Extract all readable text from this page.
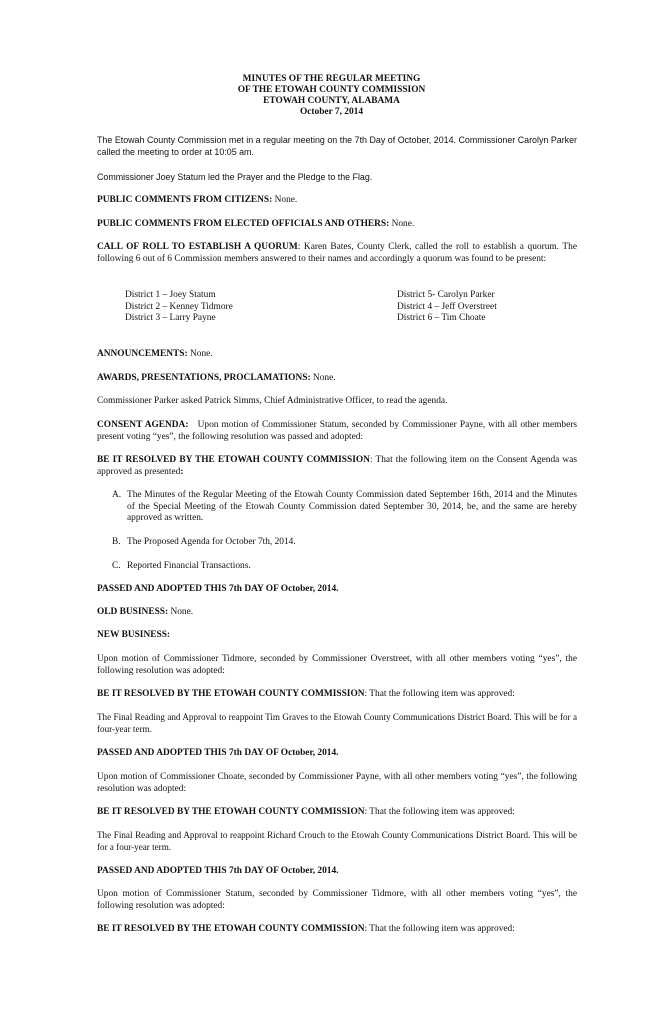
MINUTES OF THE REGULAR MEETING
OF THE ETOWAH COUNTY COMMISSION
ETOWAH COUNTY, ALABAMA
October 7, 2014
The Etowah County Commission met in a regular meeting on the 7th Day of October, 2014. Commissioner Carolyn Parker called the meeting to order at 10:05 am.
Commissioner Joey Statum led the Prayer and the Pledge to the Flag.
PUBLIC COMMENTS FROM CITIZENS: None.
PUBLIC COMMENTS FROM ELECTED OFFICIALS AND OTHERS: None.
CALL OF ROLL TO ESTABLISH A QUORUM: Karen Bates, County Clerk, called the roll to establish a quorum. The following 6 out of 6 Commission members answered to their names and accordingly a quorum was found to be present:
District 1 – Joey Statum
District 2 – Kenney Tidmore
District 3 – Larry Payne
District 5- Carolyn Parker
District 4 – Jeff Overstreet
District 6 – Tim Choate
ANNOUNCEMENTS: None.
AWARDS, PRESENTATIONS, PROCLAMATIONS: None.
Commissioner Parker asked Patrick Simms, Chief Administrative Officer, to read the agenda.
CONSENT AGENDA: Upon motion of Commissioner Statum, seconded by Commissioner Payne, with all other members present voting “yes”, the following resolution was passed and adopted:
BE IT RESOLVED BY THE ETOWAH COUNTY COMMISSION: That the following item on the Consent Agenda was approved as presented:
A. The Minutes of the Regular Meeting of the Etowah County Commission dated September 16th, 2014 and the Minutes of the Special Meeting of the Etowah County Commission dated September 30, 2014, be, and the same are hereby approved as written.
B. The Proposed Agenda for October 7th, 2014.
C. Reported Financial Transactions.
PASSED AND ADOPTED THIS 7th DAY OF October, 2014.
OLD BUSINESS: None.
NEW BUSINESS:
Upon motion of Commissioner Tidmore, seconded by Commissioner Overstreet, with all other members voting “yes”, the following resolution was adopted:
BE IT RESOLVED BY THE ETOWAH COUNTY COMMISSION: That the following item was approved:
The Final Reading and Approval to reappoint Tim Graves to the Etowah County Communications District Board. This will be for a four-year term.
PASSED AND ADOPTED THIS 7th DAY OF October, 2014.
Upon motion of Commissioner Choate, seconded by Commissioner Payne, with all other members voting “yes”, the following resolution was adopted:
BE IT RESOLVED BY THE ETOWAH COUNTY COMMISSION: That the following item was approved:
The Final Reading and Approval to reappoint Richard Crouch to the Etowah County Communications District Board. This will be for a four-year term.
PASSED AND ADOPTED THIS 7th DAY OF October, 2014.
Upon motion of Commissioner Statum, seconded by Commissioner Tidmore, with all other members voting “yes”, the following resolution was adopted:
BE IT RESOLVED BY THE ETOWAH COUNTY COMMISSION: That the following item was approved:
